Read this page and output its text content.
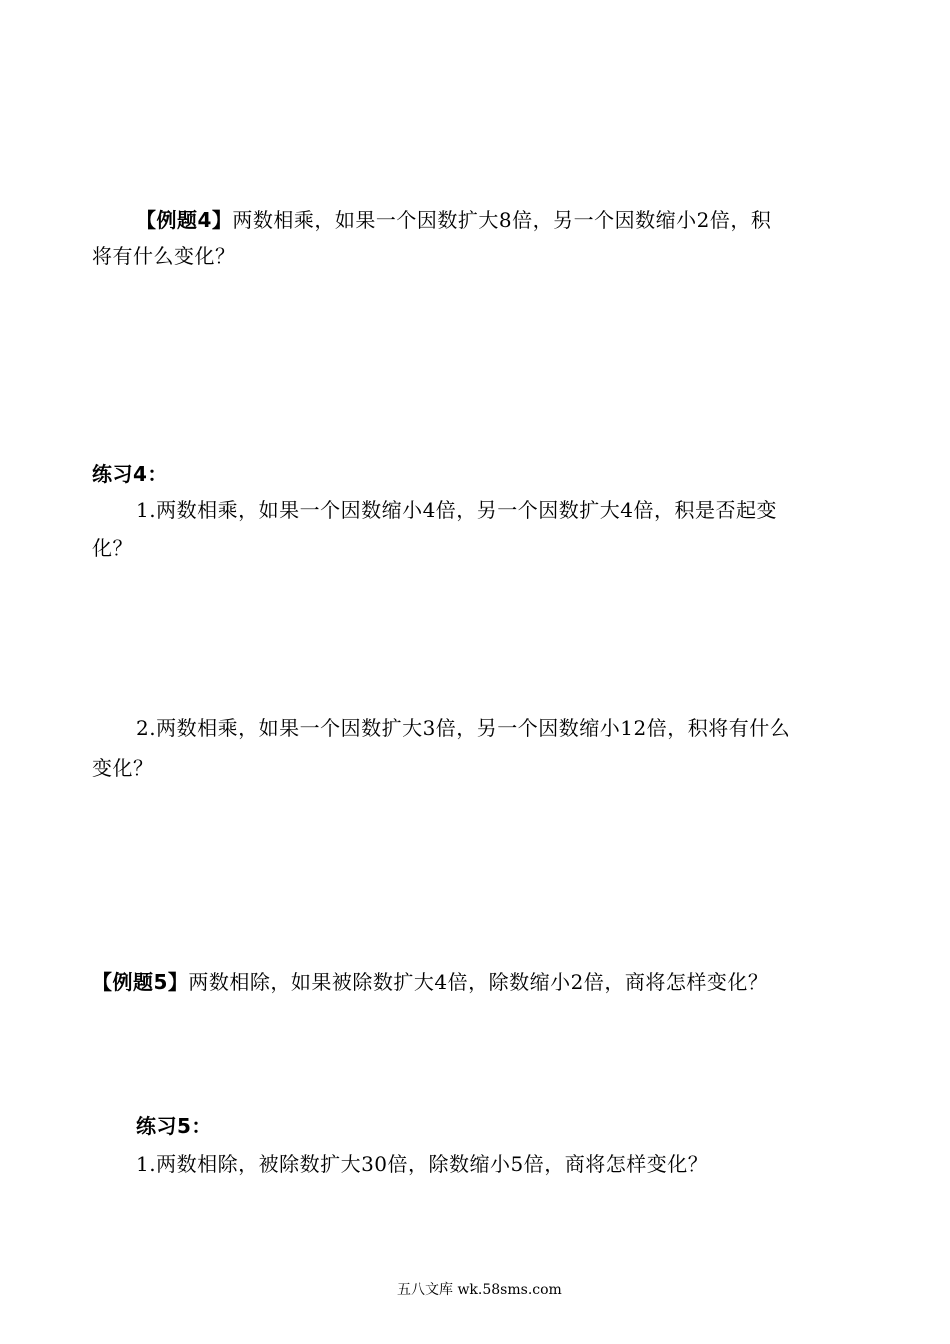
【例题4】两数相乘，如果一个因数扩大8倍，另一个因数缩小2倍，积
将有什么变化？
练习4：
1.两数相乘，如果一个因数缩小4倍，另一个因数扩大4倍，积是否起变
化？
2.两数相乘，如果一个因数扩大3倍，另一个因数缩小12倍，积将有什么
变化？
【例题5】两数相除，如果被除数扩大4倍，除数缩小2倍，商将怎样变化？
练习5：
1.两数相除，被除数扩大30倍，除数缩小5倍，商将怎样变化？
五八文库 wk.58sms.com
